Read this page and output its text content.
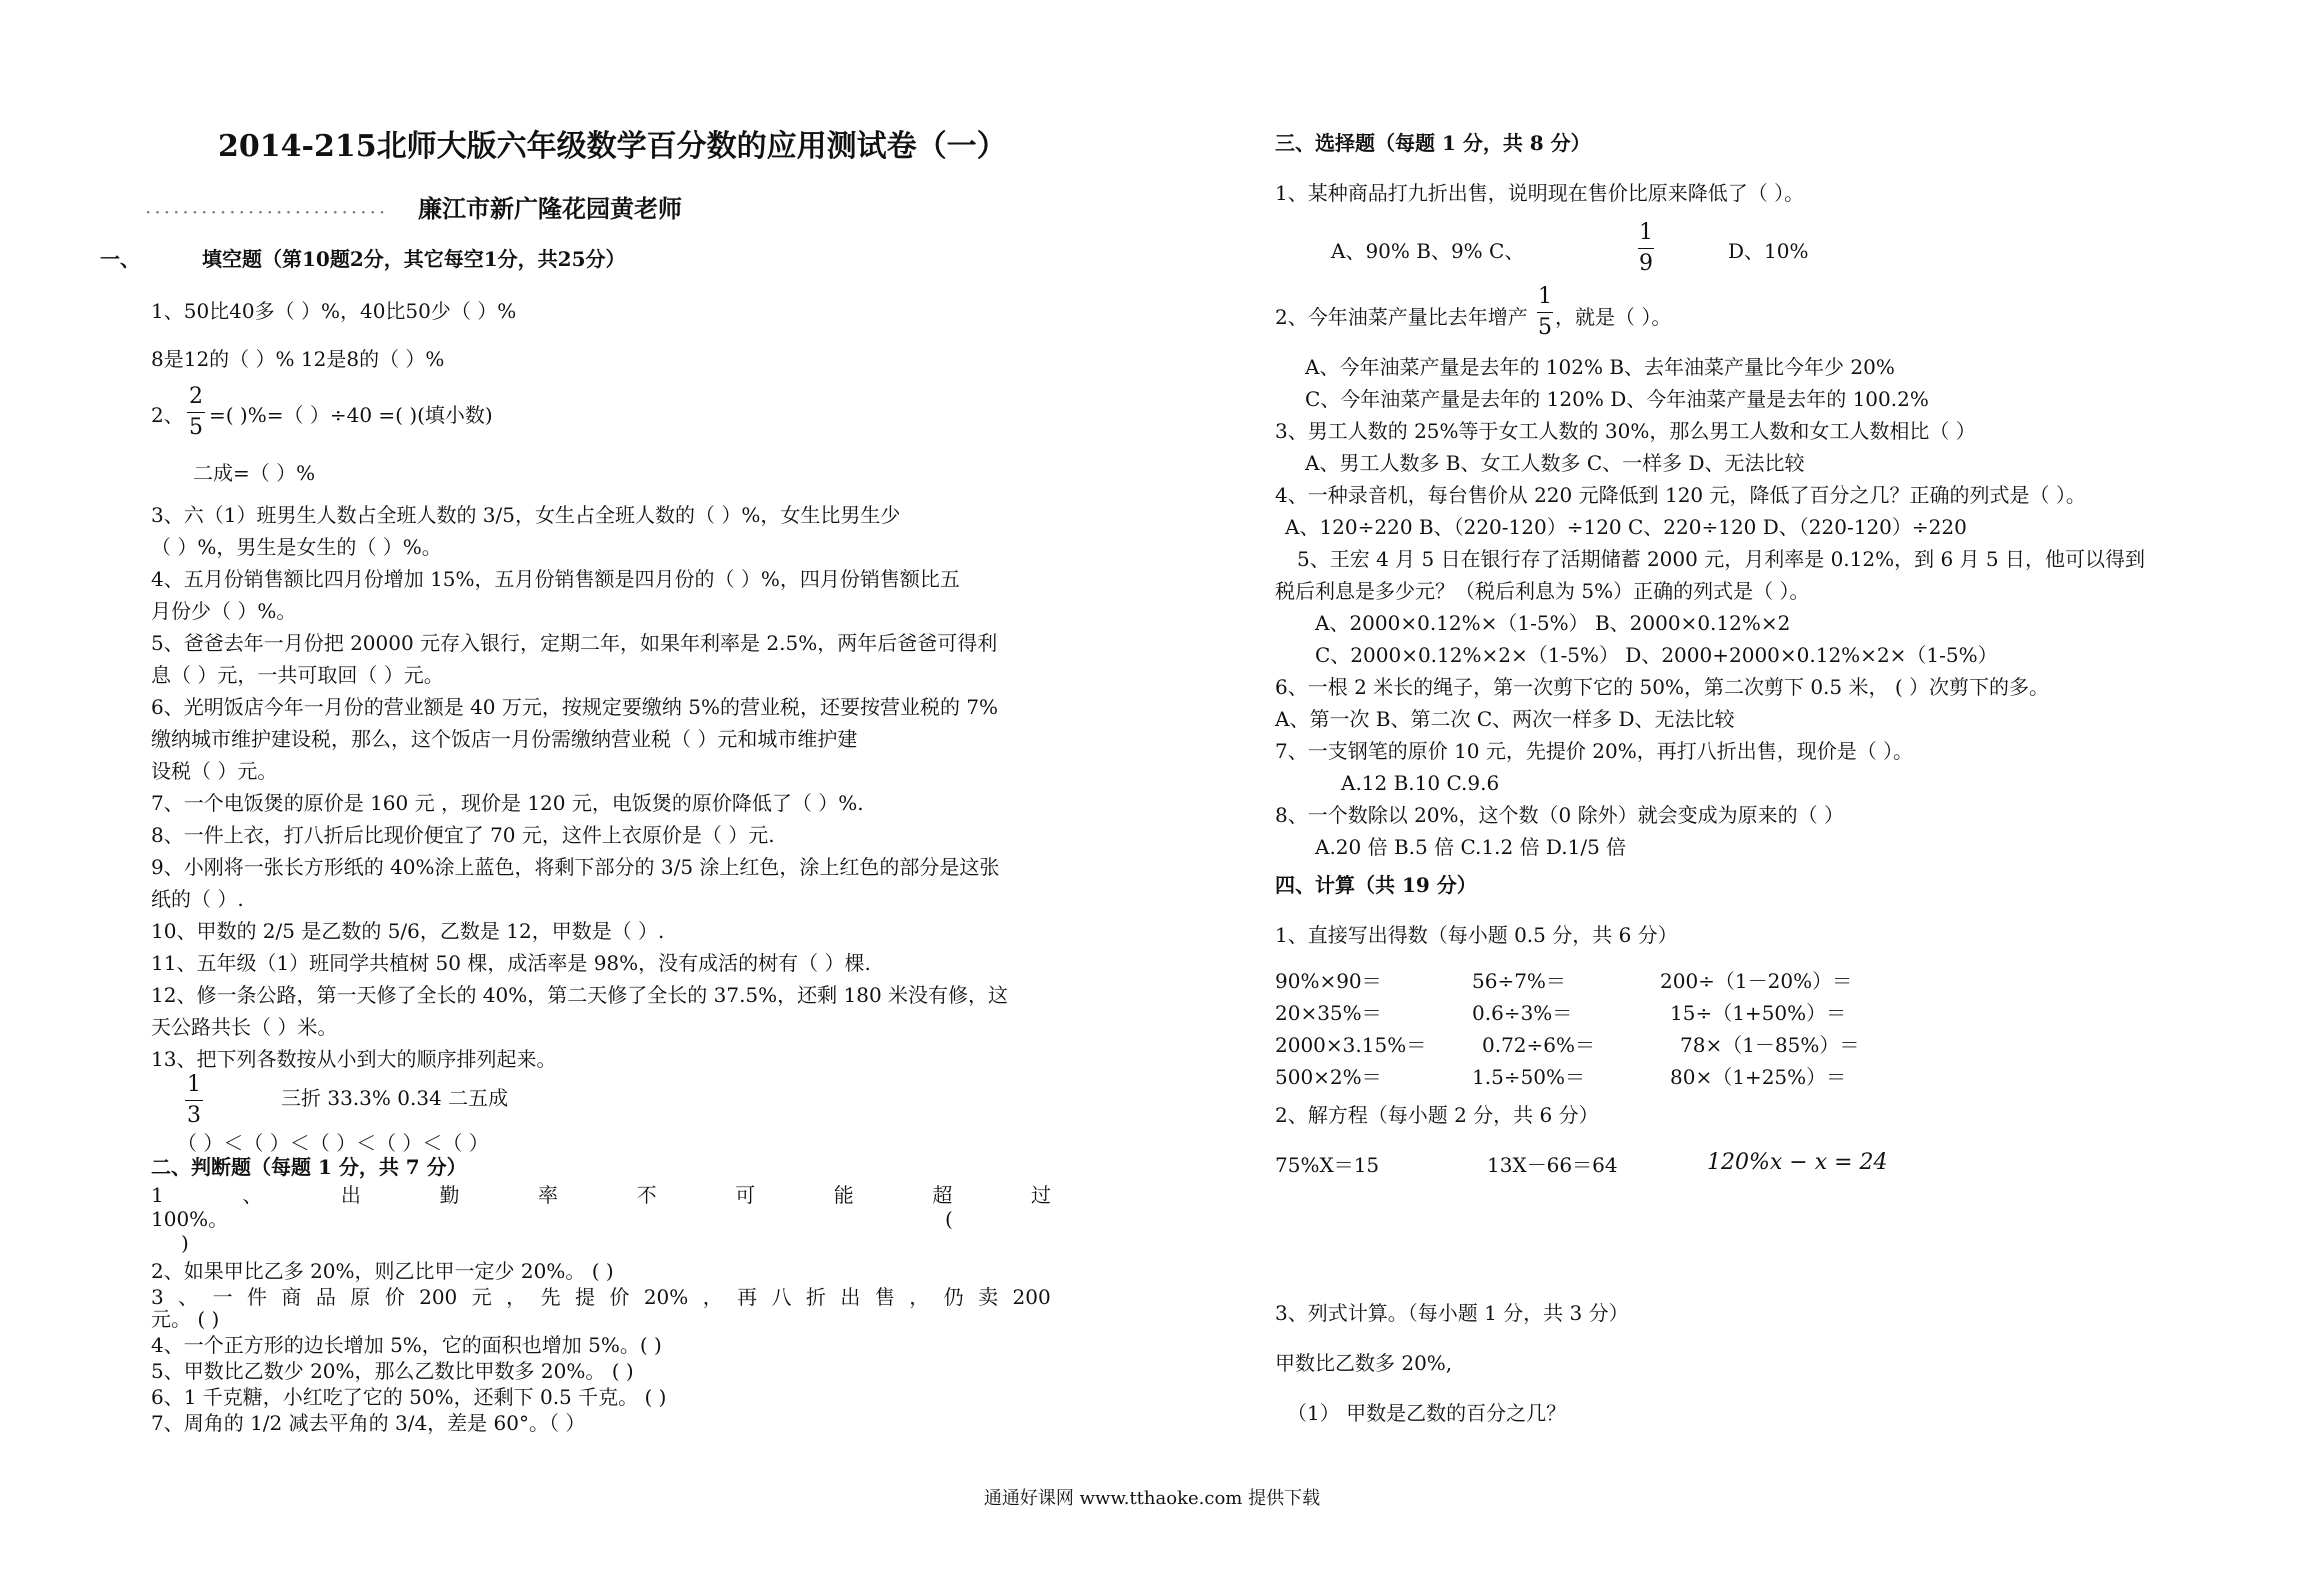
2014-215北师大版六年级数学百分数的应用测试卷（一）
·························· 廉江市新广隆花园黄老师
一、	填空题（第10题2分，其它每空1分，共25分）
1、50比40多（ ）%，40比50少（ ）%
8是12的（ ）% 12是8的（ ）%
2、
2
5 =( )%=（ ）÷40 =( )(填小数)
二成=（ ）%
3、六（1）班男生人数占全班人数的 3/5，女生占全班人数的（ ）%，女生比男生少
（ ）%，男生是女生的（ ）%。
4、五月份销售额比四月份增加 15%，五月份销售额是四月份的（ ）%，四月份销售额比五
月份少（ ）%。
5、爸爸去年一月份把 20000 元存入银行，定期二年，如果年利率是 2.5%，两年后爸爸可得利
息（ ）元，一共可取回（ ）元。
6、光明饭店今年一月份的营业额是 40 万元，按规定要缴纳 5%的营业税，还要按营业税的 7%
缴纳城市维护建设税，那么，这个饭店一月份需缴纳营业税（ ）元和城市维护建
设税（ ）元。
7、一个电饭煲的原价是 160 元 ，现价是 120 元，电饭煲的原价降低了（ ）%.
8、一件上衣，打八折后比现价便宜了 70 元，这件上衣原价是（ ）元.
9、小刚将一张长方形纸的 40%涂上蓝色，将剩下部分的 3/5 涂上红色，涂上红色的部分是这张
纸的（ ）.
10、甲数的 2/5 是乙数的 5/6，乙数是 12，甲数是（ ）.
11、五年级（1）班同学共植树 50 棵，成活率是 98%，没有成活的树有（ ）棵.
12、修一条公路，第一天修了全长的 40%，第二天修了全长的 37.5%，还剩 180 米没有修，这
天公路共长（ ）米。
13、把下列各数按从小到大的顺序排列起来。
1
3
三折 33.3% 0.34 二五成
（ ）＜（ ）＜（ ）＜（ ）＜（ ）
二、判断题（每题 1 分，共 7 分）
1	、	出	勤	率	不	可	能	超	过
100%。	(
)
2、如果甲比乙多 20%，则乙比甲一定少 20%。 ( )
3 、 一 件 商 品 原 价 200 元 ， 先 提 价 20% ， 再 八 折 出 售 ， 仍 卖 200
元。 ( )
4、一个正方形的边长增加 5%，它的面积也增加 5%。( )
5、甲数比乙数少 20%，那么乙数比甲数多 20%。 ( )
6、1 千克糖，小红吃了它的 50%，还剩下 0.5 千克。 ( )
7、周角的 1/2 减去平角的 3/4，差是 60°。（ ）
三、选择题（每题 1 分，共 8 分）
1、某种商品打九折出售，说明现在售价比原来降低了（ ）。
A、90% B、9% C、
1
9	D、10%
2、今年油菜产量比去年增产
1
5 ，就是（ ）。
A、今年油菜产量是去年的 102% B、去年油菜产量比今年少 20%
C、今年油菜产量是去年的 120% D、今年油菜产量是去年的 100.2%
3、男工人数的 25%等于女工人数的 30%，那么男工人数和女工人数相比（ ）
A、男工人数多 B、女工人数多 C、一样多 D、无法比较
4、一种录音机，每台售价从 220 元降低到 120 元，降低了百分之几？正确的列式是（ ）。
A、120÷220 B、（220-120）÷120 C、220÷120 D、（220-120）÷220
5、王宏 4 月 5 日在银行存了活期储蓄 2000 元，月利率是 0.12%，到 6 月 5 日，他可以得到
税后利息是多少元？（税后利息为 5%）正确的列式是（ ）。
A、2000×0.12%×（1-5%） B、2000×0.12%×2
C、2000×0.12%×2×（1-5%） D、2000+2000×0.12%×2×（1-5%）
6、一根 2 米长的绳子，第一次剪下它的 50%，第二次剪下 0.5 米， ( ）次剪下的多。
A、第一次 B、第二次 C、两次一样多 D、无法比较
7、一支钢笔的原价 10 元，先提价 20%，再打八折出售，现价是（ ）。
A.12 B.10 C.9.6
8、一个数除以 20%，这个数（0 除外）就会变成为原来的（ ）
A.20 倍 B.5 倍 C.1.2 倍 D.1/5 倍
四、计算（共 19 分）
1、直接写出得数（每小题 0.5 分，共 6 分）
90%×90＝	56÷7%＝	200÷（1－20%）＝
20×35%＝	0.6÷3%＝	15÷（1+50%）＝
2000×3.15%＝	0.72÷6%＝	78×（1－85%）＝
500×2%＝	1.5÷50%＝	80×（1+25%）＝
2、解方程（每小题 2 分，共 6 分）
75%X＝15	13X－66＝64	120%x − x = 24
3、列式计算。（每小题 1 分，共 3 分）
甲数比乙数多 20%,
（1） 甲数是乙数的百分之几？
通通好课网 www.tthaoke.com 提供下载
